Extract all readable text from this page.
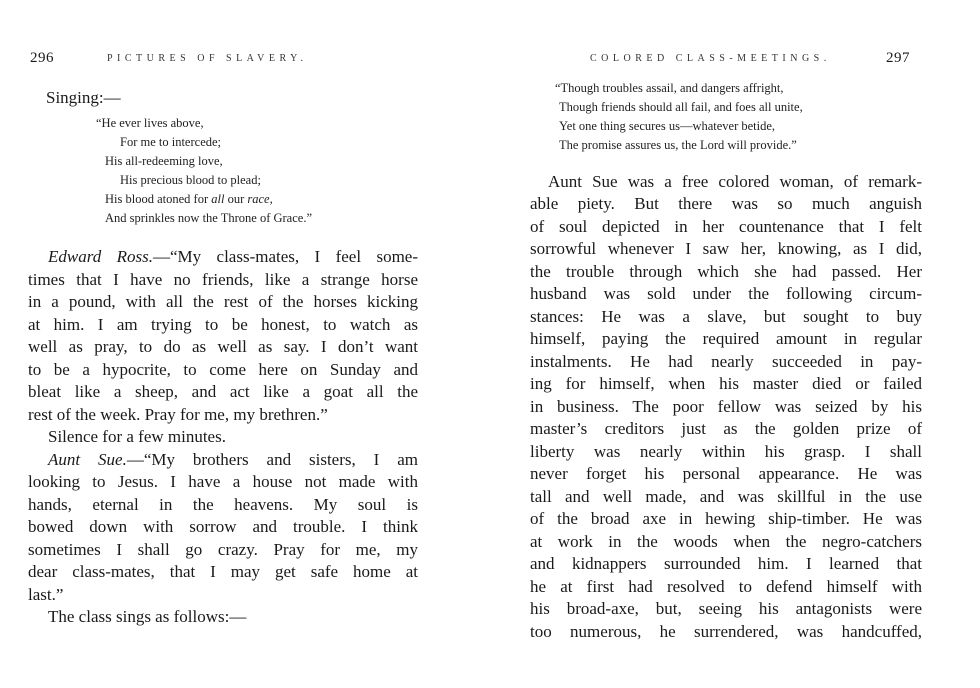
296	PICTURES OF SLAVERY.
Singing:—
“He ever lives above,
For me to intercede;
His all-redeeming love,
His precious blood to plead;
His blood atoned for all our race,
And sprinkles now the Throne of Grace.”
Edward Ross.—“My class-mates, I feel some-
times that I have no friends, like a strange horse
in a pound, with all the rest of the horses kicking
at him. I am trying to be honest, to watch as
well as pray, to do as well as say. I don’t want
to be a hypocrite, to come here on Sunday and
bleat like a sheep, and act like a goat all the
rest of the week. Pray for me, my brethren.”
Silence for a few minutes.
Aunt Sue.—“My brothers and sisters, I am
looking to Jesus. I have a house not made with
hands, eternal in the heavens. My soul is
bowed down with sorrow and trouble. I think
sometimes I shall go crazy. Pray for me, my
dear class-mates, that I may get safe home at
last.”
The class sings as follows:—
COLORED CLASS-MEETINGS.	297
“Though troubles assail, and dangers affright,
Though friends should all fail, and foes all unite,
Yet one thing secures us—whatever betide,
The promise assures us, the Lord will provide.”
Aunt Sue was a free colored woman, of remark-
able piety. But there was so much anguish
of soul depicted in her countenance that I felt
sorrowful whenever I saw her, knowing, as I did,
the trouble through which she had passed. Her
husband was sold under the following circum-
stances: He was a slave, but sought to buy
himself, paying the required amount in regular
instalments. He had nearly succeeded in pay-
ing for himself, when his master died or failed
in business. The poor fellow was seized by his
master’s creditors just as the golden prize of
liberty was nearly within his grasp. I shall
never forget his personal appearance. He was
tall and well made, and was skillful in the use
of the broad axe in hewing ship-timber. He was
at work in the woods when the negro-catchers
and kidnappers surrounded him. I learned that
he at first had resolved to defend himself with
his broad-axe, but, seeing his antagonists were
too numerous, he surrendered, was handcuffed,
